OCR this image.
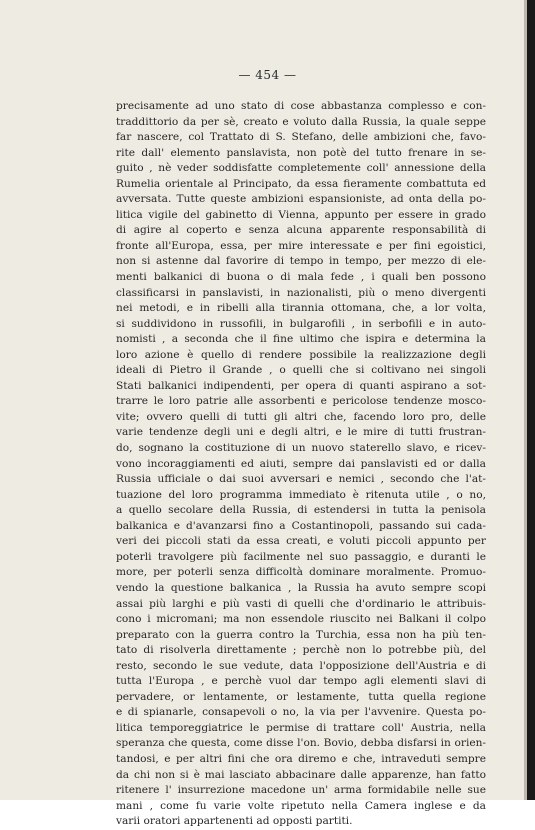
— 454 —
precisamente ad uno stato di cose abbastanza complesso e con-
traddittorio da per sè, creato e voluto dalla Russia, la quale seppe
far nascere, col Trattato di S. Stefano, delle ambizioni che, favo-
rite dall' elemento panslavista, non potè del tutto frenare in se-
guito , nè veder soddisfatte completemente coll' annessione della
Rumelia orientale al Principato, da essa fieramente combattuta ed
avversata. Tutte queste ambizioni espansioniste, ad onta della po-
litica vigile del gabinetto di Vienna, appunto per essere in grado
di agire al coperto e senza alcuna apparente responsabilità di
fronte all'Europa, essa, per mire interessate e per fini egoistici,
non si astenne dal favorire di tempo in tempo, per mezzo di ele-
menti balkanici di buona o di mala fede , i quali ben possono
classificarsi in panslavisti, in nazionalisti, più o meno divergenti
nei metodi, e in ribelli alla tirannia ottomana, che, a lor volta,
si suddividono in russofili, in bulgarofili , in serbofili e in auto-
nomisti , a seconda che il fine ultimo che ispira e determina la
loro azione è quello di rendere possibile la realizzazione degli
ideali di Pietro il Grande , o quelli che si coltivano nei singoli
Stati balkanici indipendenti, per opera di quanti aspirano a sot-
trarre le loro patrie alle assorbenti e pericolose tendenze mosco-
vite; ovvero quelli di tutti gli altri che, facendo loro pro, delle
varie tendenze degli uni e degli altri, e le mire di tutti frustran-
do, sognano la costituzione di un nuovo staterello slavo, e ricev-
vono incoraggiamenti ed aiuti, sempre dai panslavisti ed or dalla
Russia ufficiale o dai suoi avversari e nemici , secondo che l'at-
tuazione del loro programma immediato è ritenuta utile , o no,
a quello secolare della Russia, di estendersi in tutta la penisola
balkanica e d'avanzarsi fino a Costantinopoli, passando sui cada-
veri dei piccoli stati da essa creati, e voluti piccoli appunto per
poterli travolgere più facilmente nel suo passaggio, e duranti le
more, per poterli senza difficoltà dominare moralmente. Promuo-
vendo la questione balkanica , la Russia ha avuto sempre scopi
assai più larghi e più vasti di quelli che d'ordinario le attribuis-
cono i micromani; ma non essendole riuscito nei Balkani il colpo
preparato con la guerra contro la Turchia, essa non ha più ten-
tato di risolverla direttamente ; perchè non lo potrebbe più, del
resto, secondo le sue vedute, data l'opposizione dell'Austria e di
tutta l'Europa , e perchè vuol dar tempo agli elementi slavi di
pervadere, or lentamente, or lestamente, tutta quella regione
e di spianarle, consapevoli o no, la via per l'avvenire. Questa po-
litica temporeggiatrice le permise di trattare coll' Austria, nella
speranza che questa, come disse l'on. Bovio, debba disfarsi in orien-
tandosi, e per altri fini che ora diremo e che, intraveduti sempre
da chi non si è mai lasciato abbacinare dalle apparenze, han fatto
ritenere l' insurrezione macedone un' arma formidabile nelle sue
mani , come fu varie volte ripetuto nella Camera inglese e da
varii oratori appartenenti ad opposti partiti.
